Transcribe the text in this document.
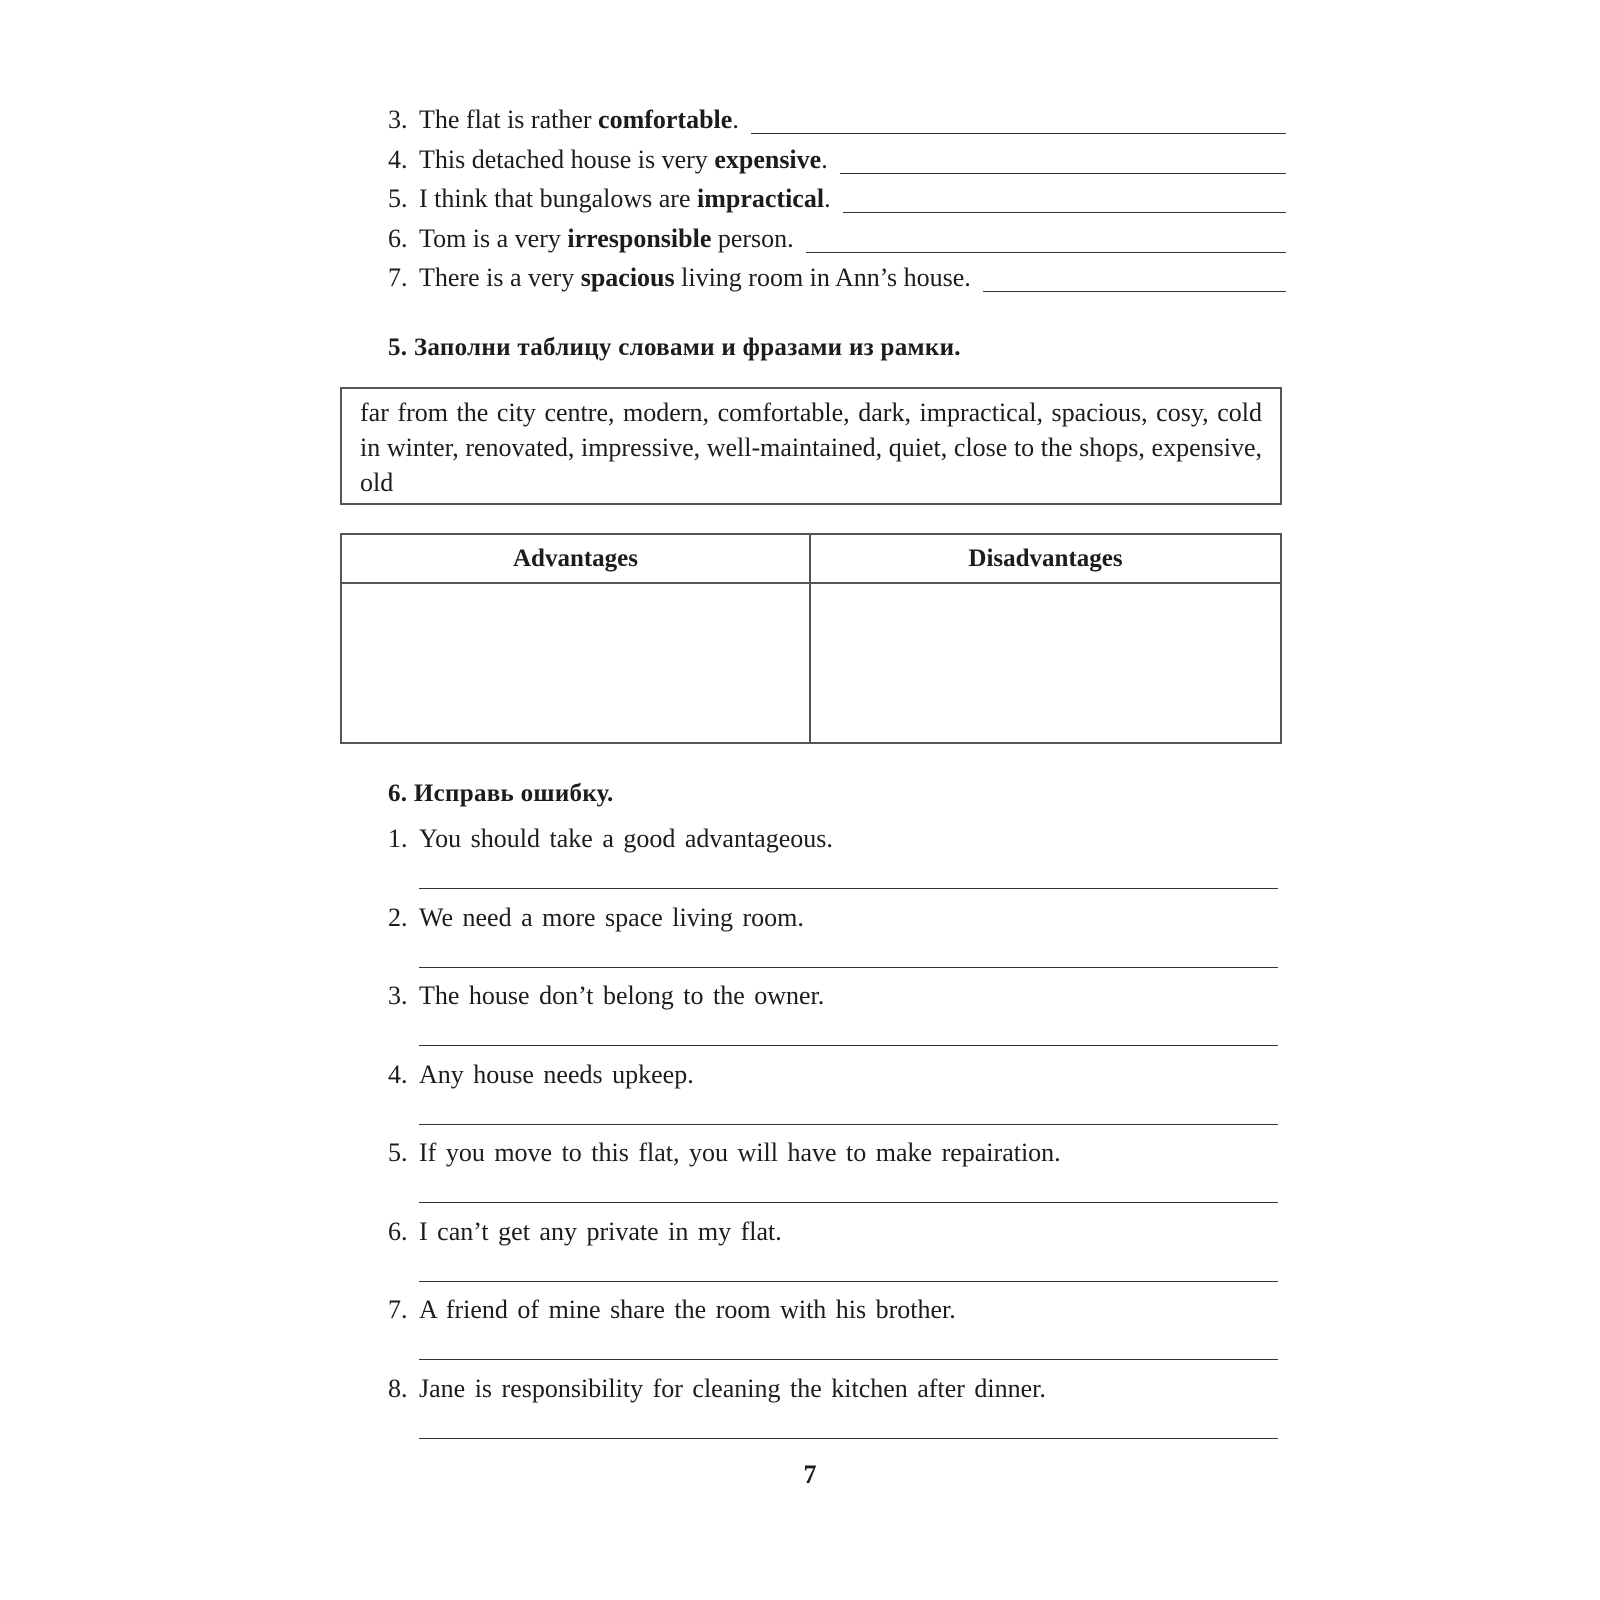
3. The flat is rather comfortable.
4. This detached house is very expensive.
5. I think that bungalows are impractical.
6. Tom is a very irresponsible person.
7. There is a very spacious living room in Ann’s house.
5. Заполни таблицу словами и фразами из рамки.
far from the city centre, modern, comfortable, dark, impractical, spacious, cosy, cold in winter, renovated, impressive, well-maintained, quiet, close to the shops, expensive, old
Advantages	Disadvantages
6. Исправь ошибку.
1. You should take a good advantageous.
2. We need a more space living room.
3. The house don’t belong to the owner.
4. Any house needs upkeep.
5. If you move to this flat, you will have to make repairation.
6. I can’t get any private in my flat.
7. A friend of mine share the room with his brother.
8. Jane is responsibility for cleaning the kitchen after dinner.
7
